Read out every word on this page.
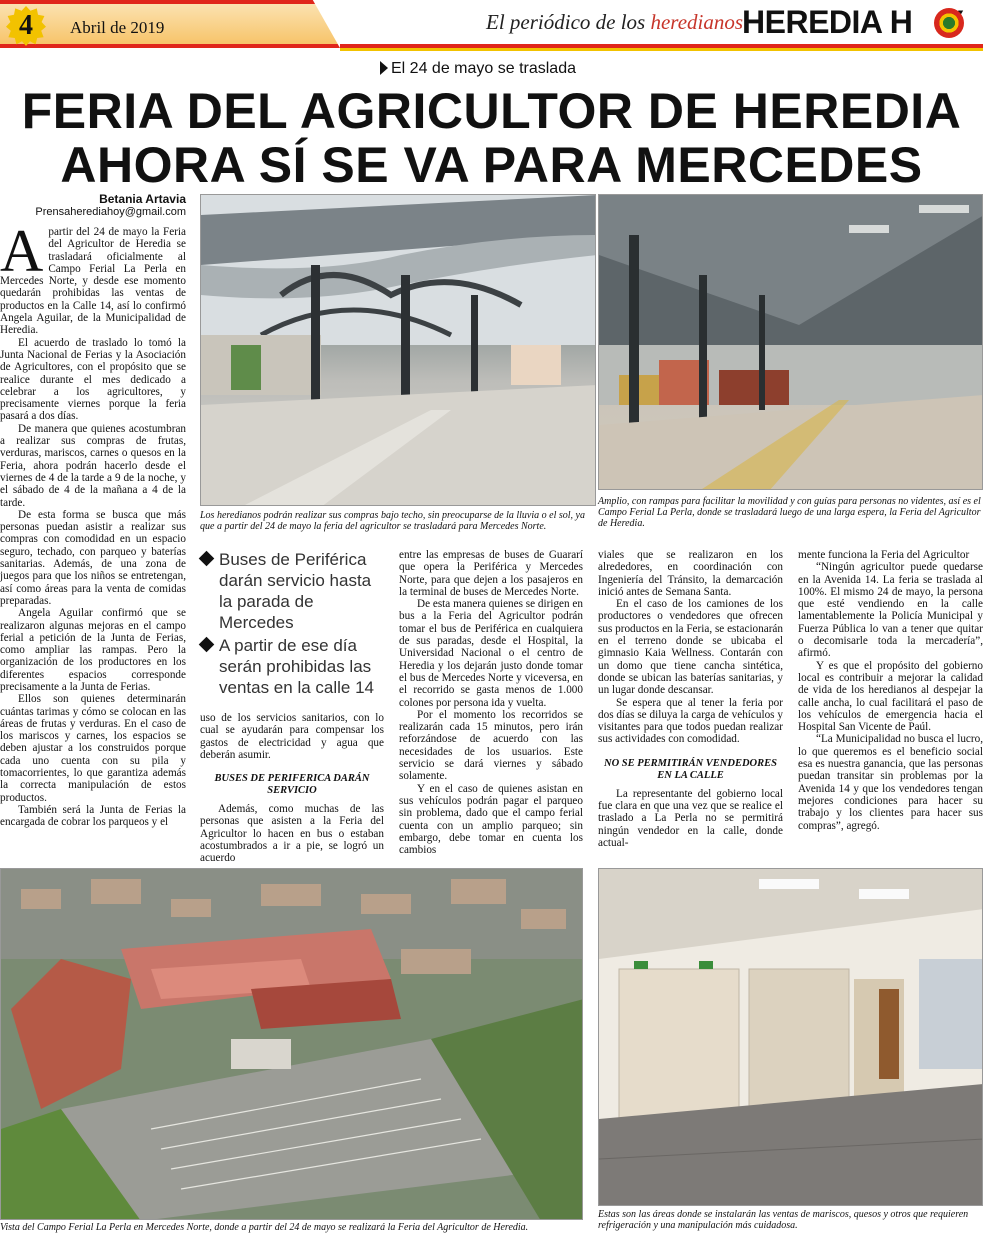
4	Abril de 2019	El periódico de los heredianos
HEREDIA H
El 24 de mayo se traslada
FERIA DEL AGRICULTOR DE HEREDIA
AHORA SÍ SE VA PARA MERCEDES
Betania Artavia
Prensaherediahoy@gmail.com
Los heredianos podrán realizar sus compras bajo techo, sin preocuparse de la lluvia o el sol, ya que a partir del 24 de mayo la feria del agricultor se trasladará para Mercedes Norte.
Amplio, con rampas para facilitar la movilidad y con guías para personas no videntes, así es el Campo Ferial La Perla, donde se trasladará luego de una larga espera, la Feria del Agricultor de Heredia.
A partir del 24 de mayo la Feria del Agricultor de Heredia se trasladará oficialmente al Campo Ferial La Perla en Mercedes Norte, y desde ese momento quedarán prohibidas las ventas de productos en la Calle 14, así lo confirmó Angela Aguilar, de la Municipalidad de Heredia.

El acuerdo de traslado lo tomó la Junta Nacional de Ferias y la Asociación de Agricultores, con el propósito que se realice durante el mes dedicado a celebrar a los agricultores, y precisamente viernes porque la feria pasará a dos días.

De manera que quienes acostumbran a realizar sus compras de frutas, verduras, mariscos, carnes o quesos en la Feria, ahora podrán hacerlo desde el viernes de 4 de la tarde a 9 de la noche, y el sábado de 4 de la mañana a 4 de la tarde.

De esta forma se busca que más personas puedan asistir a realizar sus compras con comodidad en un espacio seguro, techado, con parqueo y baterías sanitarias. Además, de una zona de juegos para que los niños se entretengan, así como áreas para la venta de comidas preparadas.

Angela Aguilar confirmó que se realizaron algunas mejoras en el campo ferial a petición de la Junta de Ferias, como ampliar las rampas. Pero la organización de los productores en los diferentes espacios corresponde precisamente a la Junta de Ferias.

Ellos son quienes determinarán cuántas tarimas y cómo se colocan en las áreas de frutas y verduras. En el caso de los mariscos y carnes, los espacios se deben ajustar a los construidos porque cada uno cuenta con su pila y tomacorrientes, lo que garantiza además la correcta manipulación de estos productos.

También será la Junta de Ferias la encargada de cobrar los parqueos y el

Buses de Periférica darán servicio hasta la parada de Mercedes
A partir de ese día serán prohibidas las ventas en la calle 14

uso de los servicios sanitarios, con lo cual se ayudarán para compensar los gastos de electricidad y agua que deberán asumir.

BUSES DE PERIFERICA DARÁN SERVICIO

Además, como muchas de las personas que asisten a la Feria del Agricultor lo hacen en bus o estaban acostumbrados a ir a pie, se logró un acuerdo

entre las empresas de buses de Guararí que opera la Periférica y Mercedes Norte, para que dejen a los pasajeros en la terminal de buses de Mercedes Norte.

De esta manera quienes se dirigen en bus a la Feria del Agricultor podrán tomar el bus de Periférica en cualquiera de sus paradas, desde el Hospital, la Universidad Nacional o el centro de Heredia y los dejarán justo donde tomar el bus de Mercedes Norte y viceversa, en el recorrido se gasta menos de 1.000 colones por persona ida y vuelta.

Por el momento los recorridos se realizarán cada 15 minutos, pero irán reforzándose de acuerdo con las necesidades de los usuarios. Este servicio se dará viernes y sábado solamente.

Y en el caso de quienes asistan en sus vehículos podrán pagar el parqueo sin problema, dado que el campo ferial cuenta con un amplio parqueo; sin embargo, debe tomar en cuenta los cambios

viales que se realizaron en los alrededores, en coordinación con Ingeniería del Tránsito, la demarcación inició antes de Semana Santa.

En el caso de los camiones de los productores o vendedores que ofrecen sus productos en la Feria, se estacionarán en el terreno donde se ubicaba el gimnasio Kaia Wellness. Contarán con un domo que tiene cancha sintética, donde se ubican las baterías sanitarias, y un lugar donde descansar.

Se espera que al tener la feria por dos días se diluya la carga de vehículos y visitantes para que todos puedan realizar sus actividades con comodidad.

NO SE PERMITIRÁN VENDEDORES EN LA CALLE

La representante del gobierno local fue clara en que una vez que se realice el traslado a La Perla no se permitirá ningún vendedor en la calle, donde actual-

mente funciona la Feria del Agricultor

“Ningún agricultor puede quedarse en la Avenida 14. La feria se traslada al 100%. El mismo 24 de mayo, la persona que esté vendiendo en la calle lamentablemente la Policía Municipal y Fuerza Pública lo van a tener que quitar o decomisarle toda la mercadería”, afirmó.

Y es que el propósito del gobierno local es contribuir a mejorar la calidad de vida de los heredianos al despejar la calle ancha, lo cual facilitará el paso de los vehículos de emergencia hacia el Hospital San Vicente de Paúl.

“La Municipalidad no busca el lucro, lo que queremos es el beneficio social esa es nuestra ganancia, que las personas puedan transitar sin problemas por la Avenida 14 y que los vendedores tengan mejores condiciones para hacer su trabajo y los clientes para hacer sus compras”, agregó.

Vista del Campo Ferial La Perla en Mercedes Norte, donde a partir del 24 de mayo se realizará la Feria del Agricultor de Heredia.
Estas son las áreas donde se instalarán las ventas de mariscos, quesos y otros que requieren refrigeración y una manipulación más cuidadosa.
